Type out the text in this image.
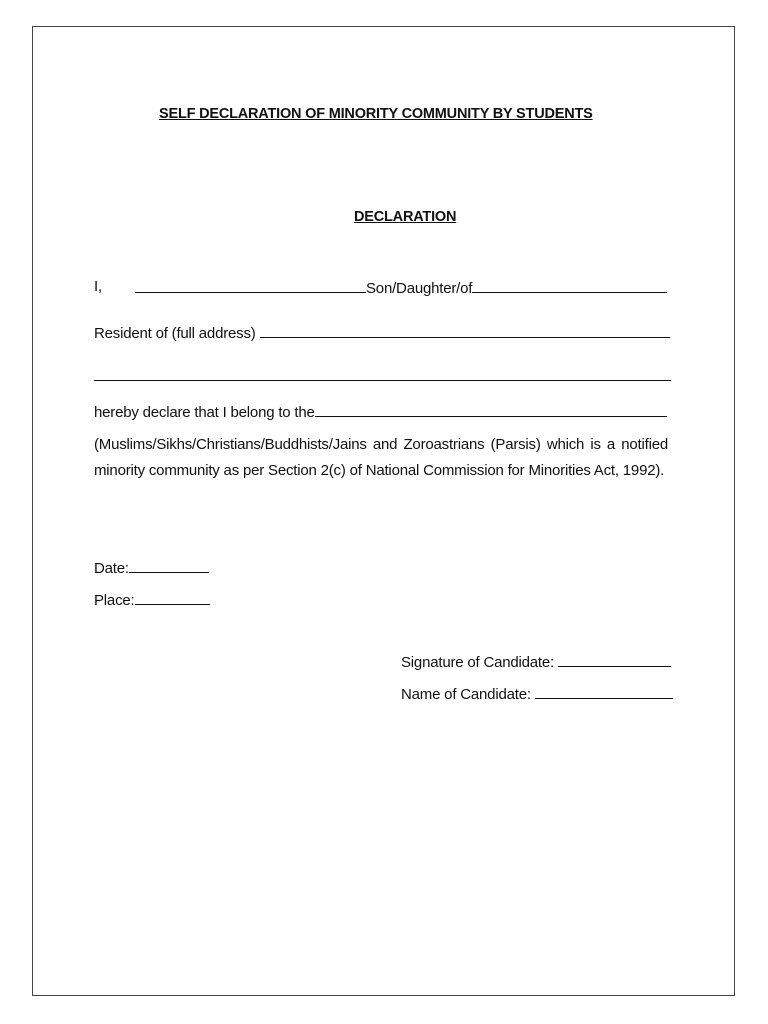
SELF DECLARATION OF MINORITY COMMUNITY BY STUDENTS
DECLARATION
I,	Son/Daughter/of
Resident of (full address)
hereby declare that I belong to the
(Muslims/Sikhs/Christians/Buddhists/Jains and Zoroastrians (Parsis) which is a notified minority community as per Section 2(c) of National Commission for Minorities Act, 1992).
Date:
Place:
Signature of Candidate:
Name of Candidate:
